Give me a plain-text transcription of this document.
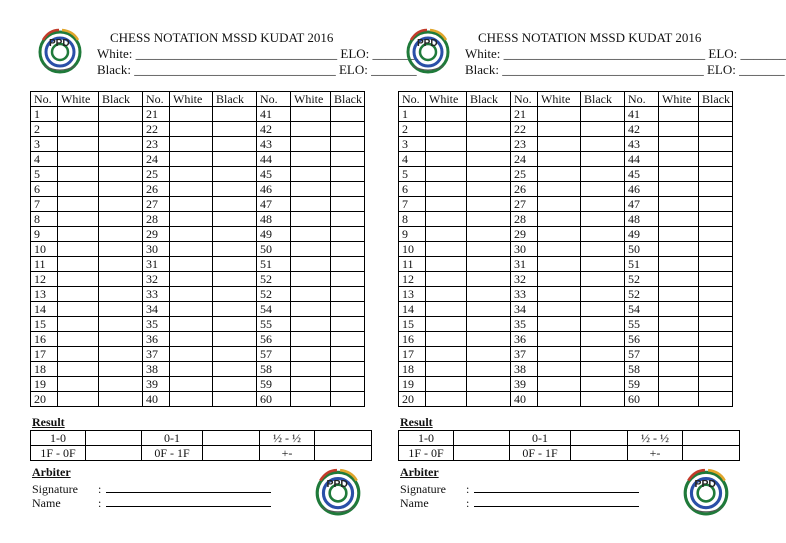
PPD	CHESS NOTATION MSSD KUDAT 2016
White: _______________________________ ELO: _______
Black: _______________________________ ELO: _______
No.	White	Black	No.	White	Black	No.	White	Black
1			21			41		
2			22			42		
3			23			43		
4			24			44		
5			25			45		
6			26			46		
7			27			47		
8			28			48		
9			29			49		
10			30			50		
11			31			51		
12			32			52		
13			33			52		
14			34			54		
15			35			55		
16			36			56		
17			37			57		
18			38			58		
19			39			59		
20			40			60		
Result
1-0		0-1		½ - ½	
1F - 0F		0F - 1F		+-	
Arbiter
Signature :
Name	:
PPD
PPD	CHESS NOTATION MSSD KUDAT 2016
White: _______________________________ ELO: _______
Black: _______________________________ ELO: _______
No.	White	Black	No.	White	Black	No.	White	Black
1			21			41		
2			22			42		
3			23			43		
4			24			44		
5			25			45		
6			26			46		
7			27			47		
8			28			48		
9			29			49		
10			30			50		
11			31			51		
12			32			52		
13			33			52		
14			34			54		
15			35			55		
16			36			56		
17			37			57		
18			38			58		
19			39			59		
20			40			60		
Result
1-0		0-1		½ - ½	
1F - 0F		0F - 1F		+-	
Arbiter
Signature :
Name	:
PPD
